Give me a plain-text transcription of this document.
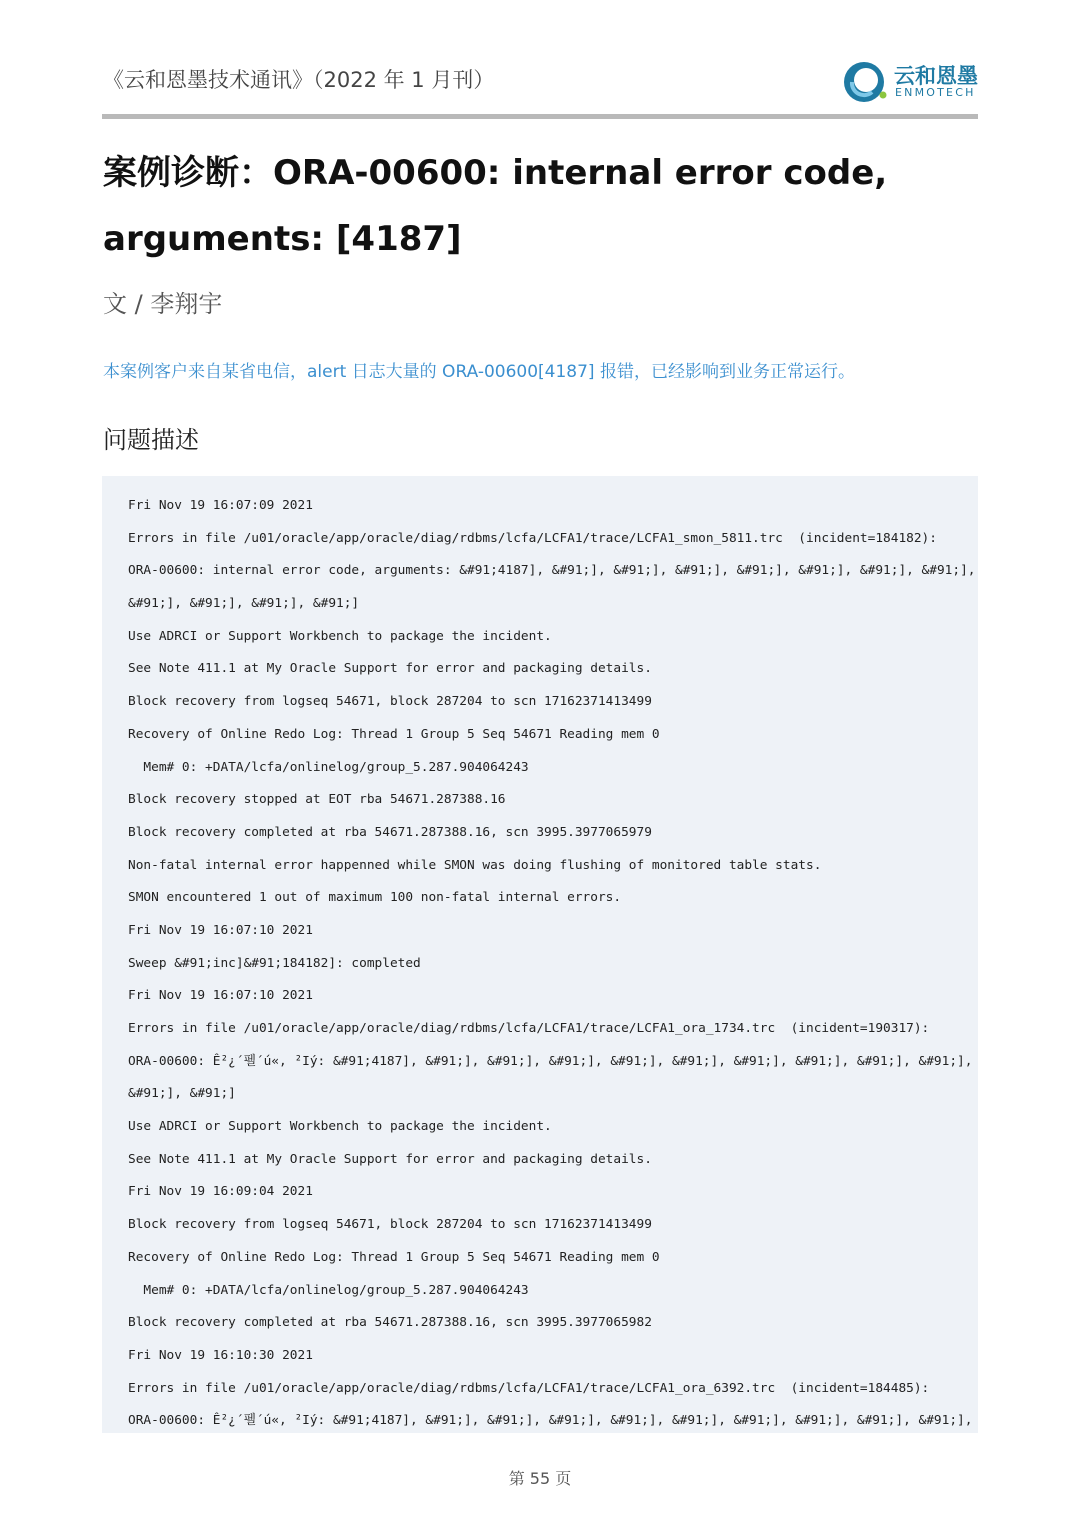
《云和恩墨技术通讯》（2022 年 1 月刊）	云和恩墨
ENMOTECH
案例诊断：ORA-00600: internal error code, arguments: [4187]
文 / 李翔宇
本案例客户来自某省电信，alert 日志大量的 ORA-00600[4187] 报错，已经影响到业务正常运行。
问题描述
Fri Nov 19 16:07:09 2021
Errors in file /u01/oracle/app/oracle/diag/rdbms/lcfa/LCFA1/trace/LCFA1_smon_5811.trc  (incident=184182):
ORA-00600: internal error code, arguments: &#91;4187], &#91;], &#91;], &#91;], &#91;], &#91;], &#91;], &#91;],
&#91;], &#91;], &#91;], &#91;]
Use ADRCI or Support Workbench to package the incident.
See Note 411.1 at My Oracle Support for error and packaging details.
Block recovery from logseq 54671, block 287204 to scn 17162371413499
Recovery of Online Redo Log: Thread 1 Group 5 Seq 54671 Reading mem 0
Mem# 0: +DATA/lcfa/onlinelog/group_5.287.904064243
Block recovery stopped at EOT rba 54671.287388.16
Block recovery completed at rba 54671.287388.16, scn 3995.3977065979
Non-fatal internal error happenned while SMON was doing flushing of monitored table stats.
SMON encountered 1 out of maximum 100 non-fatal internal errors.
Fri Nov 19 16:07:10 2021
Sweep &#91;inc]&#91;184182]: completed
Fri Nov 19 16:07:10 2021
Errors in file /u01/oracle/app/oracle/diag/rdbms/lcfa/LCFA1/trace/LCFA1_ora_1734.trc  (incident=190317):
ORA-00600: Ê²¿´펠´ú«, ²Iý: &#91;4187], &#91;], &#91;], &#91;], &#91;], &#91;], &#91;], &#91;], &#91;], &#91;],
&#91;], &#91;]
Use ADRCI or Support Workbench to package the incident.
See Note 411.1 at My Oracle Support for error and packaging details.
Fri Nov 19 16:09:04 2021
Block recovery from logseq 54671, block 287204 to scn 17162371413499
Recovery of Online Redo Log: Thread 1 Group 5 Seq 54671 Reading mem 0
Mem# 0: +DATA/lcfa/onlinelog/group_5.287.904064243
Block recovery completed at rba 54671.287388.16, scn 3995.3977065982
Fri Nov 19 16:10:30 2021
Errors in file /u01/oracle/app/oracle/diag/rdbms/lcfa/LCFA1/trace/LCFA1_ora_6392.trc  (incident=184485):
ORA-00600: Ê²¿´펠´ú«, ²Iý: &#91;4187], &#91;], &#91;], &#91;], &#91;], &#91;], &#91;], &#91;], &#91;], &#91;],
第 55 页
